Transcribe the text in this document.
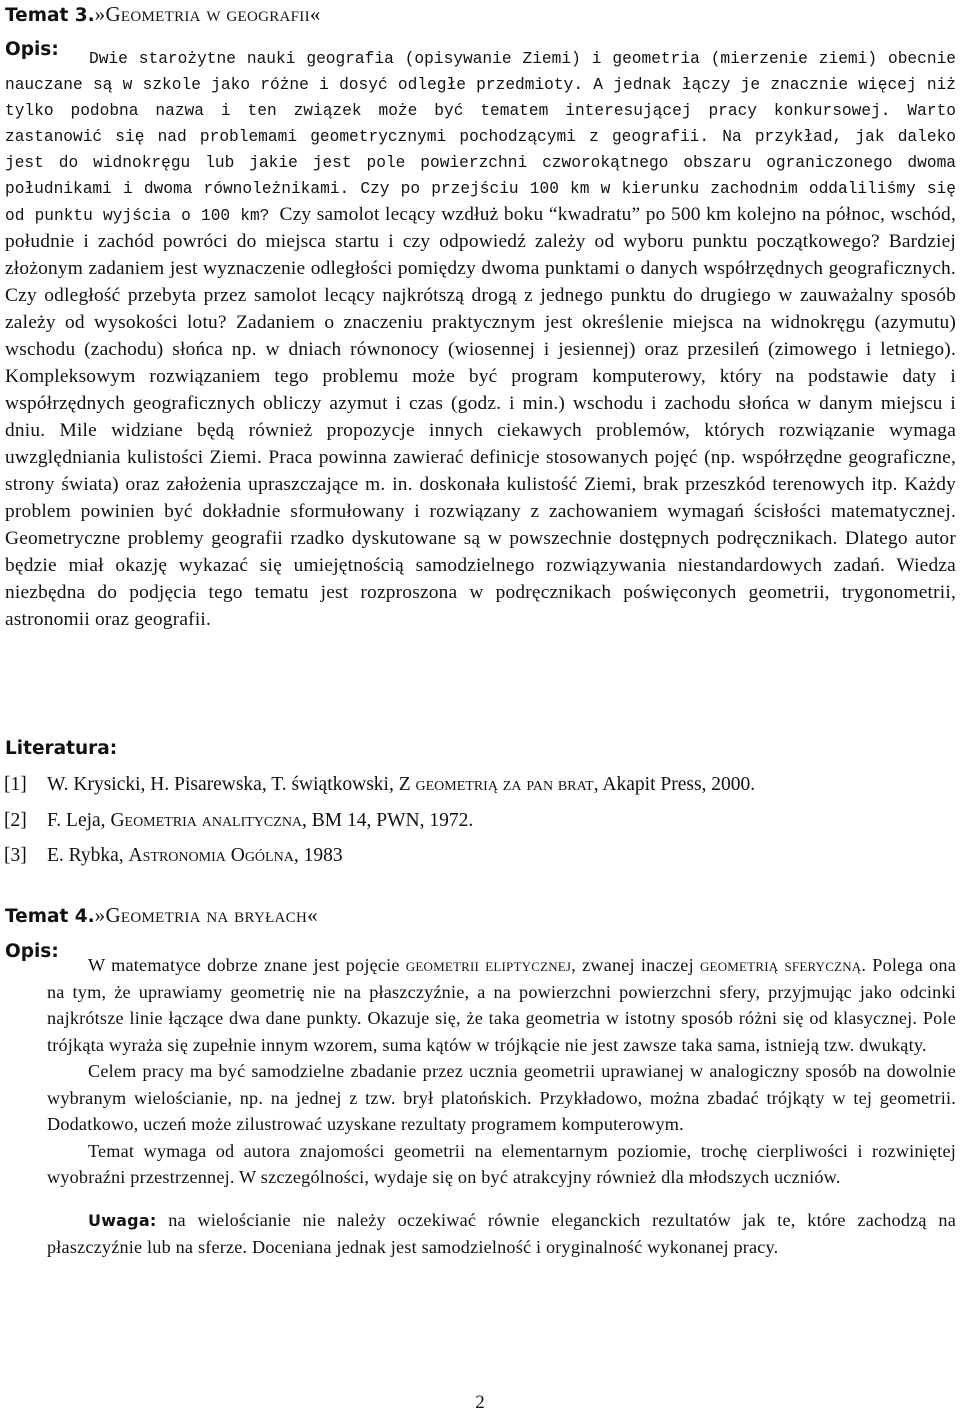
Temat 3.»Geometria w geografii«
Opis:	Dwie starożytne nauki geografia (opisywanie Ziemi) i geometria (mierzenie ziemi) obecnie nauczane są w szkole jako różne i dosyć odległe przedmioty. A jednak łączy je znacznie więcej niż tylko podobna nazwa i ten związek może być tematem interesującej pracy konkursowej. Warto zastanowić się nad problemami geometrycznymi pochodzącymi z geografii. Na przykład, jak daleko jest do widnokręgu lub jakie jest pole powierzchni czworokątnego obszaru ograniczonego dwoma południkami i dwoma równoleżnikami. Czy po przejściu 100 km w kierunku zachodnim oddaliliśmy się od punktu wyjścia o 100 km? Czy samolot lecący wzdłuż boku “kwadratu” po 500 km kolejno na północ, wschód, południe i zachód powróci do miejsca startu i czy odpowiedź zależy od wyboru punktu początkowego? Bardziej złożonym zadaniem jest wyznaczenie odległości pomiędzy dwoma punktami o danych współrzędnych geograficznych. Czy odległość przebyta przez samolot lecący najkrótszą drogą z jednego punktu do drugiego w zauważalny sposób zależy od wysokości lotu? Zadaniem o znaczeniu praktycznym jest określenie miejsca na widnokręgu (azymutu) wschodu (zachodu) słońca np. w dniach równonocy (wiosennej i jesiennej) oraz przesileń (zimowego i letniego). Kompleksowym rozwiązaniem tego problemu może być program komputerowy, który na podstawie daty i współrzędnych geograficznych obliczy azymut i czas (godz. i min.) wschodu i zachodu słońca w danym miejscu i dniu. Mile widziane będą również propozycje innych ciekawych problemów, których rozwiązanie wymaga uwzględniania kulistości Ziemi. Praca powinna zawierać definicje stosowanych pojęć (np. współrzędne geograficzne, strony świata) oraz założenia upraszczające m. in. doskonała kulistość Ziemi, brak przeszkód terenowych itp. Każdy problem powinien być dokładnie sformułowany i rozwiązany z zachowaniem wymagań ścisłości matematycznej. Geometryczne problemy geografii rzadko dyskutowane są w powszechnie dostępnych podręcznikach. Dlatego autor będzie miał okazję wykazać się umiejętnością samodzielnego rozwiązywania niestandardowych zadań. Wiedza niezbędna do podjęcia tego tematu jest rozproszona w podręcznikach poświęconych geometrii, trygonometrii, astronomii oraz geografii.

Literatura:
[1]	W. Krysicki, H. Pisarewska, T. świątkowski, Z geometrią za pan brat, Akapit Press, 2000.
[2]	F. Leja, Geometria analityczna, BM 14, PWN, 1972.
[3]	E. Rybka, Astronomia Ogólna, 1983
Temat 4.»Geometria na bryłach«
Opis:

W matematyce dobrze znane jest pojęcie geometrii eliptycznej, zwanej inaczej geometrią sferyczną. Polega ona na tym, że uprawiamy geometrię nie na płaszczyźnie, a na powierzchni powierzchni sfery, przyjmując jako odcinki najkrótsze linie łączące dwa dane punkty. Okazuje się, że taka geometria w istotny sposób różni się od klasycznej. Pole trójkąta wyraża się zupełnie innym wzorem, suma kątów w trójkącie nie jest zawsze taka sama, istnieją tzw. dwukąty.

Celem pracy ma być samodzielne zbadanie przez ucznia geometrii uprawianej w analogiczny sposób na dowolnie wybranym wielościanie, np. na jednej z tzw. brył platońskich. Przykładowo, można zbadać trójkąty w tej geometrii. Dodatkowo, uczeń może zilustrować uzyskane rezultaty programem komputerowym.

Temat wymaga od autora znajomości geometrii na elementarnym poziomie, trochę cierpliwości i rozwiniętej wyobraźni przestrzennej. W szczególności, wydaje się on być atrakcyjny również dla młodszych uczniów.

Uwaga: na wielościanie nie należy oczekiwać równie eleganckich rezultatów jak te, które zachodzą na płaszczyźnie lub na sferze. Doceniana jednak jest samodzielność i oryginalność wykonanej pracy.

2
